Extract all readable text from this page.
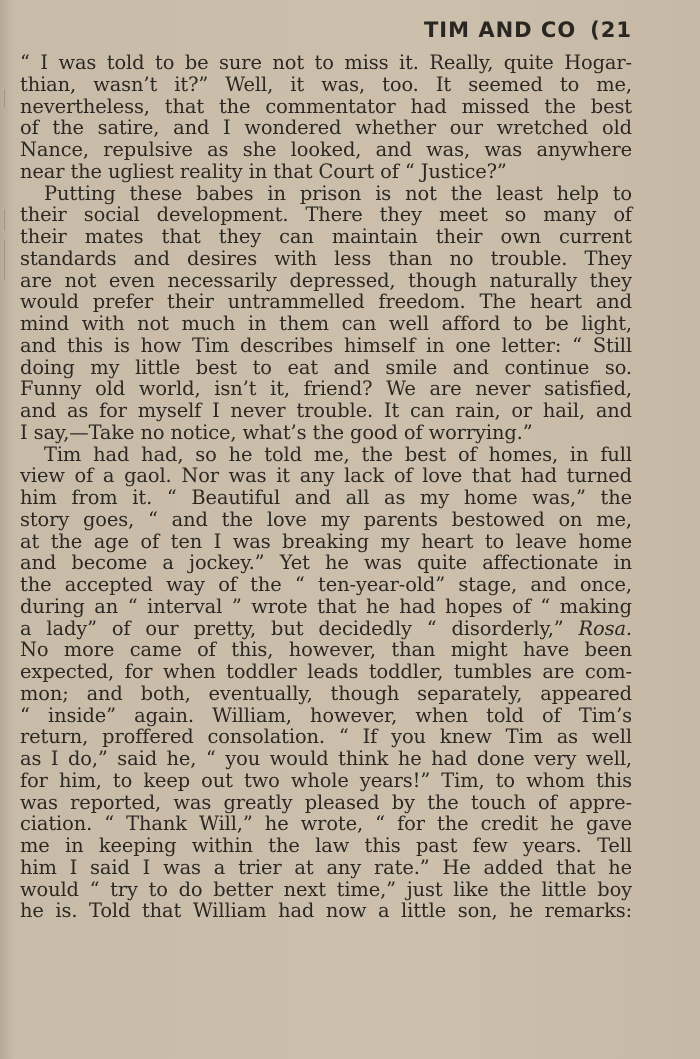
TIM AND CO (21
“ I was told to be sure not to miss it. Really, quite Hogar-
thian, wasn’t it?” Well, it was, too. It seemed to me,
nevertheless, that the commentator had missed the best
of the satire, and I wondered whether our wretched old
Nance, repulsive as she looked, and was, was anywhere
near the ugliest reality in that Court of “ Justice?”
Putting these babes in prison is not the least help to
their social development. There they meet so many of
their mates that they can maintain their own current
standards and desires with less than no trouble. They
are not even necessarily depressed, though naturally they
would prefer their untrammelled freedom. The heart and
mind with not much in them can well afford to be light,
and this is how Tim describes himself in one letter: “ Still
doing my little best to eat and smile and continue so.
Funny old world, isn’t it, friend? We are never satisfied,
and as for myself I never trouble. It can rain, or hail, and
I say,—Take no notice, what’s the good of worrying.”
Tim had had, so he told me, the best of homes, in full
view of a gaol. Nor was it any lack of love that had turned
him from it. “ Beautiful and all as my home was,” the
story goes, “ and the love my parents bestowed on me,
at the age of ten I was breaking my heart to leave home
and become a jockey.” Yet he was quite affectionate in
the accepted way of the “ ten-year-old” stage, and once,
during an “ interval ” wrote that he had hopes of “ making
a lady” of our pretty, but decidedly “ disorderly,” Rosa.
No more came of this, however, than might have been
expected, for when toddler leads toddler, tumbles are com-
mon; and both, eventually, though separately, appeared
“ inside” again. William, however, when told of Tim’s
return, proffered consolation. “ If you knew Tim as well
as I do,” said he, “ you would think he had done very well,
for him, to keep out two whole years!” Tim, to whom this
was reported, was greatly pleased by the touch of appre-
ciation. “ Thank Will,” he wrote, “ for the credit he gave
me in keeping within the law this past few years. Tell
him I said I was a trier at any rate.” He added that he
would “ try to do better next time,” just like the little boy
he is. Told that William had now a little son, he remarks:
